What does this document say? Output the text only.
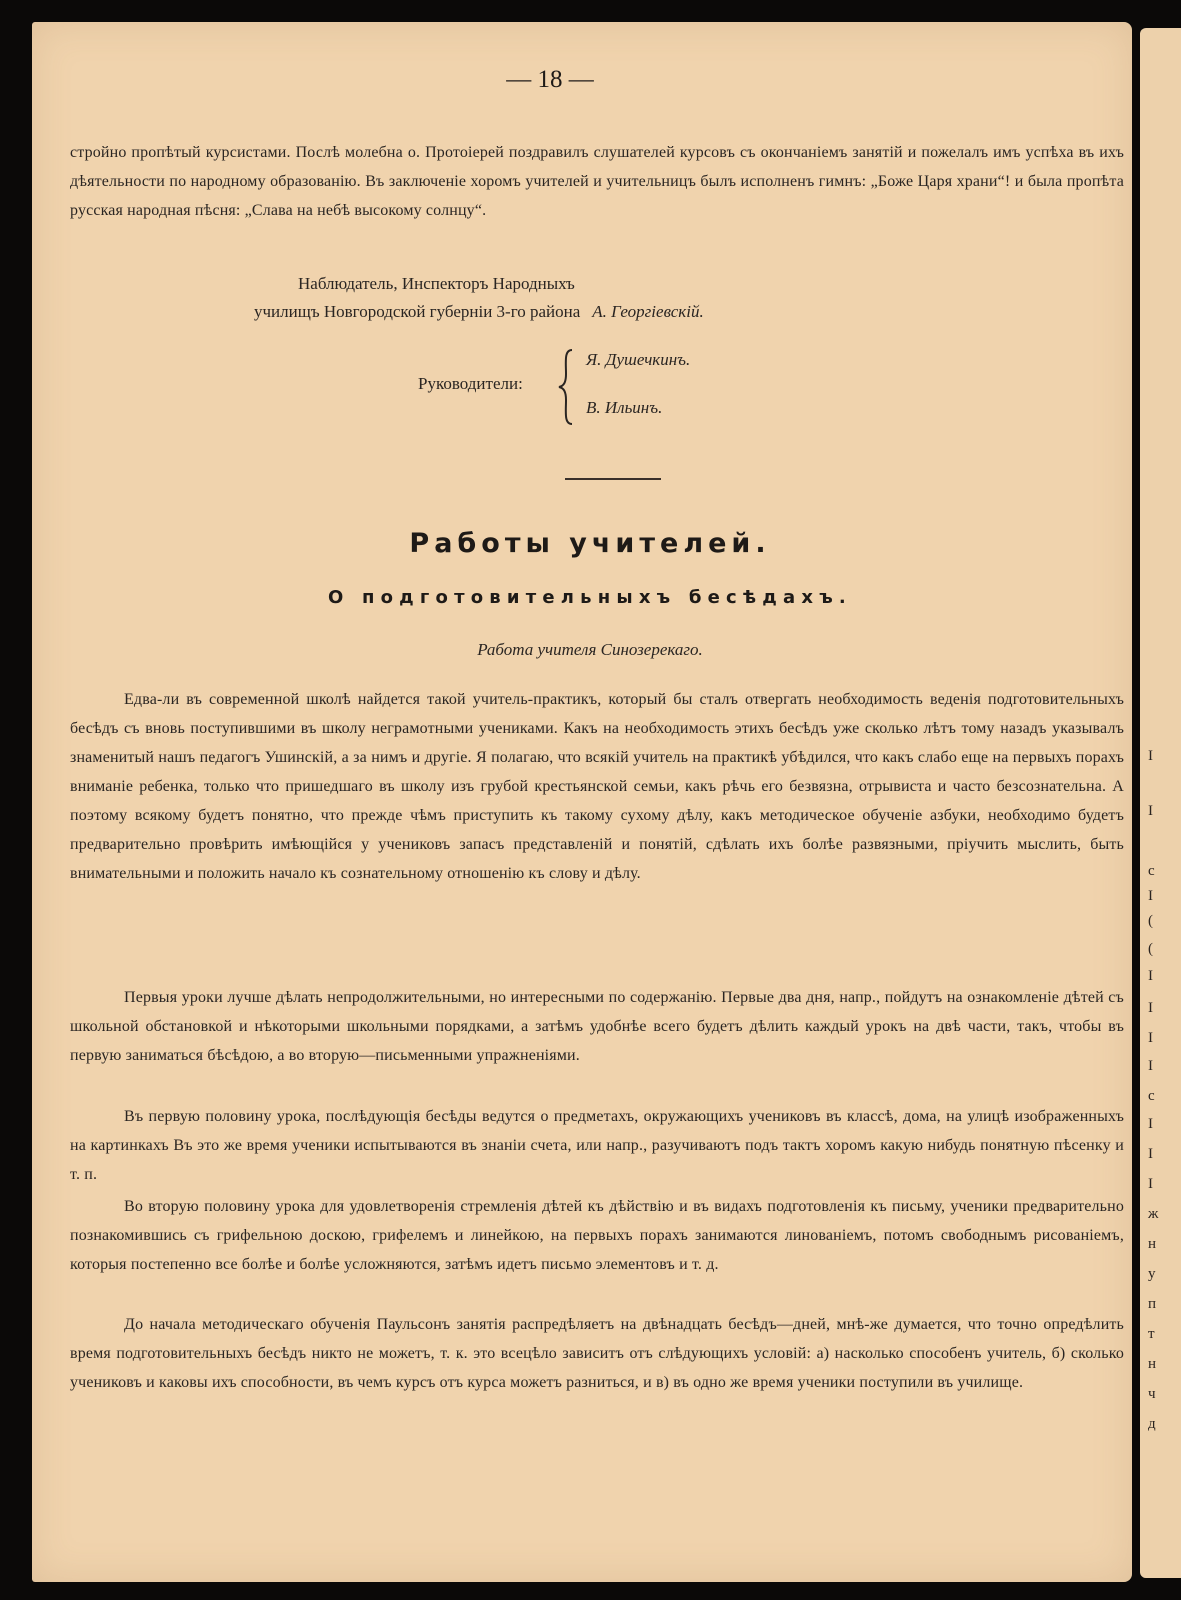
I
I
c
I
(
(
I
I
I
I
c
I
I
I
ж
н
у
п
т
н
ч
д
— 18 —
стройно пропѣтый курсистами. Послѣ молебна о. Протоіерей поздравилъ слушателей курсовъ съ окончаніемъ занятій и пожелалъ имъ успѣха въ ихъ дѣятельности по народному образованію. Въ заключеніе хоромъ учителей и учительницъ былъ исполненъ гимнъ: „Боже Царя храни“! и была пропѣта русская народная пѣсня: „Слава на небѣ высокому солнцу“.
Наблюдатель, Инспекторъ Народныхъ
училищъ Новгородской губерніи 3-го района А. Георгіевскій.
Руководители:
Я. Душечкинъ.
В. Ильинъ.
Работы учителей.
О подготовительныхъ бесѣдахъ.
Работа учителя Синозерекаго.
Едва-ли въ современной школѣ найдется такой учитель-практикъ, который бы сталъ отвергать необходимость веденія подготовительныхъ бесѣдъ съ вновь поступившими въ школу неграмотными учениками. Какъ на необходимость этихъ бесѣдъ уже сколько лѣтъ тому назадъ указывалъ знаменитый нашъ педагогъ Ушинскій, а за нимъ и другіе. Я полагаю, что всякій учитель на практикѣ убѣдился, что какъ слабо еще на первыхъ порахъ вниманіе ребенка, только что пришедшаго въ школу изъ грубой крестьянской семьи, какъ рѣчь его безвязна, отрывиста и часто безсознательна. А поэтому всякому будетъ понятно, что прежде чѣмъ приступить къ такому сухому дѣлу, какъ методическое обученіе азбуки, необходимо будетъ предварительно провѣрить имѣющійся у учениковъ запасъ представленій и понятій, сдѣлать ихъ болѣе развязными, пріучить мыслить, быть внимательными и положить начало къ сознательному отношенію къ слову и дѣлу.
Первыя уроки лучше дѣлать непродолжительными, но интересными по содержанію. Первые два дня, напр., пойдутъ на ознакомленіе дѣтей съ школьной обстановкой и нѣкоторыми школьными порядками, а затѣмъ удобнѣе всего будетъ дѣлить каждый урокъ на двѣ части, такъ, чтобы въ первую заниматься бѣсѣдою, а во вторую—письменными упражненіями.
Въ первую половину урока, послѣдующія бесѣды ведутся о предметахъ, окружающихъ учениковъ въ классѣ, дома, на улицѣ изображенныхъ на картинкахъ Въ это же время ученики испытываются въ знаніи счета, или напр., разучиваютъ подъ тактъ хоромъ какую нибудь понятную пѣсенку и т. п.
Во вторую половину урока для удовлетворенія стремленія дѣтей къ дѣйствію и въ видахъ подготовленія къ письму, ученики предварительно познакомившись съ грифельною доскою, грифелемъ и линейкою, на первыхъ порахъ занимаются линованіемъ, потомъ свободнымъ рисованіемъ, которыя постепенно все болѣе и болѣе усложняются, затѣмъ идетъ письмо элементовъ и т. д.
До начала методическаго обученія Паульсонъ занятія распредѣляетъ на двѣнадцать бесѣдъ—дней, мнѣ-же думается, что точно опредѣлить время подготовительныхъ бесѣдъ никто не можетъ, т. к. это всецѣло зависитъ отъ слѣдующихъ условій: а) насколько способенъ учитель, б) сколько учениковъ и каковы ихъ способности, въ чемъ курсъ отъ курса можетъ разниться, и в) въ одно же время ученики поступили въ училище.
